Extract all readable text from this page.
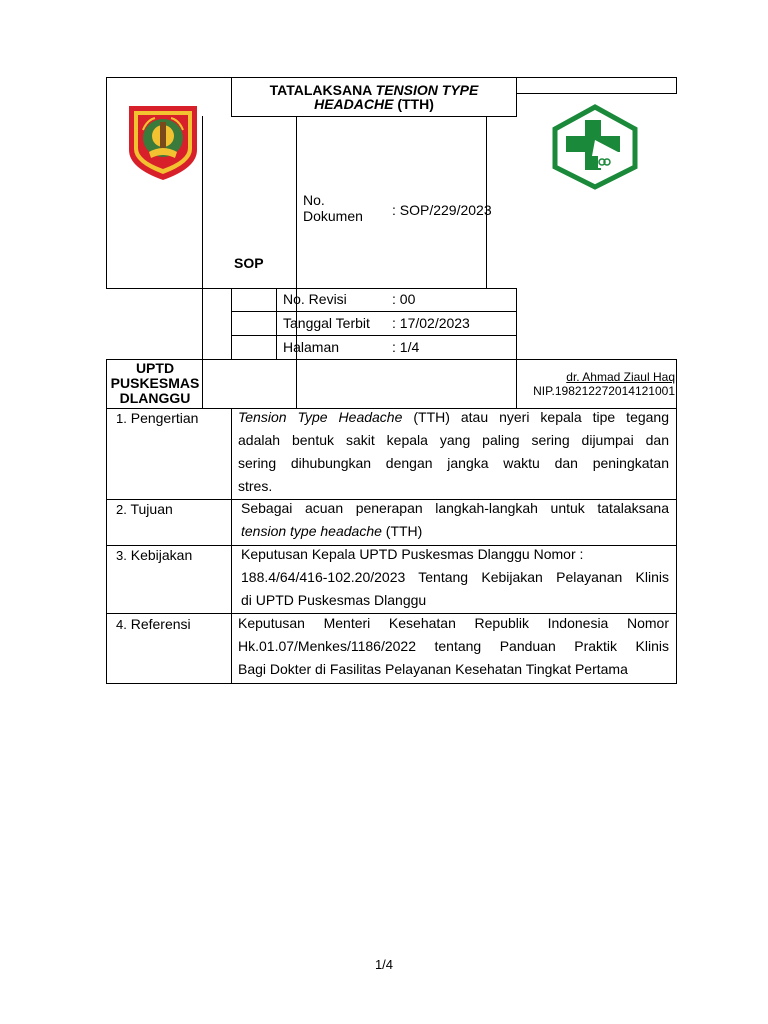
TATALAKSANA TENSION TYPE
HEADACHE (TTH)
No.
Dokumen : SOP/229/2023
SOP
No. Revisi	: 00
Tanggal Terbit : 17/02/2023
Halaman	: 1/4
UPTD
PUSKESMAS
DLANGGU
dr. Ahmad Ziaul Haq
NIP.198212272014121001
1. Pengertian	Tension Type Headache (TTH) atau nyeri kepala tipe tegang

adalah bentuk sakit kepala yang paling sering dijumpai dan

sering dihubungkan dengan jangka waktu dan peningkatan

stres.

2. Tujuan	Sebagai acuan penerapan langkah-langkah untuk tatalaksana

tension type headache (TTH)

3. Kebijakan	Keputusan Kepala UPTD Puskesmas Dlanggu Nomor :

188.4/64/416-102.20/2023 Tentang Kebijakan Pelayanan Klinis

di UPTD Puskesmas Dlanggu

4. Referensi	Keputusan Menteri Kesehatan Republik Indonesia Nomor

Hk.01.07/Menkes/1186/2022 tentang Panduan Praktik Klinis

Bagi Dokter di Fasilitas Pelayanan Kesehatan Tingkat Pertama

1/4
